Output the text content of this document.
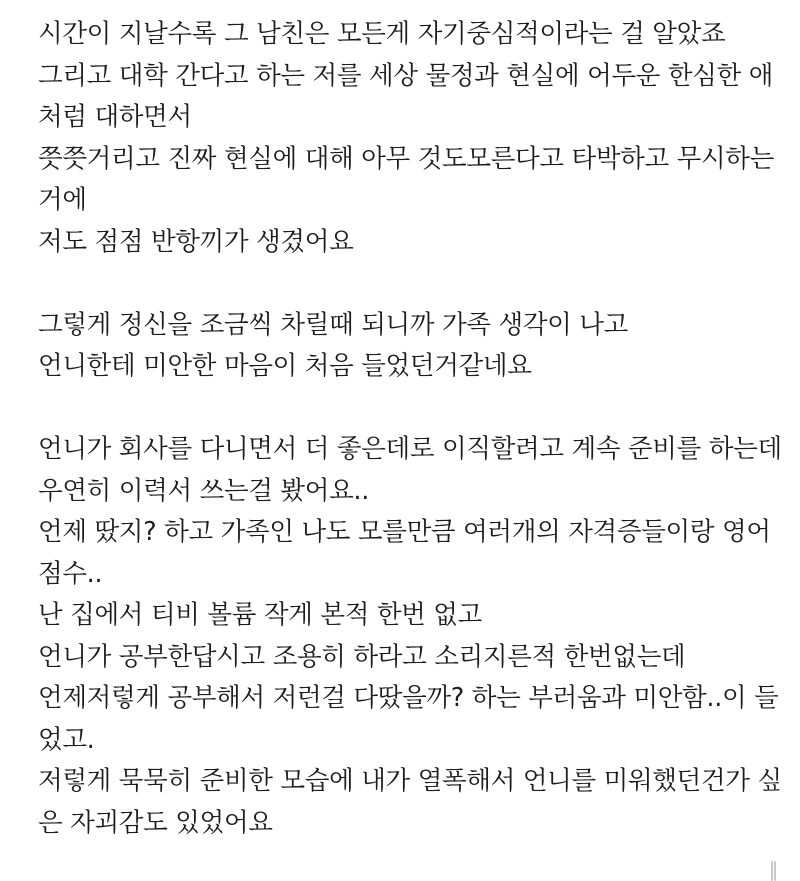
시간이 지날수록 그 남친은 모든게 자기중심적이라는 걸 알았죠
그리고 대학 간다고 하는 저를 세상 물정과 현실에 어두운 한심한 애
처럼 대하면서
쯧쯧거리고 진짜 현실에 대해 아무 것도모른다고 타박하고 무시하는
거에
저도 점점 반항끼가 생겼어요
그렇게 정신을 조금씩 차릴때 되니까 가족 생각이 나고
언니한테 미안한 마음이 처음 들었던거같네요
언니가 회사를 다니면서 더 좋은데로 이직할려고 계속 준비를 하는데
우연히 이력서 쓰는걸 봤어요..
언제 땄지? 하고 가족인 나도 모를만큼 여러개의 자격증들이랑 영어
점수..
난 집에서 티비 볼륨 작게 본적 한번 없고
언니가 공부한답시고 조용히 하라고 소리지른적 한번없는데
언제저렇게 공부해서 저런걸 다땄을까? 하는 부러움과 미안함..이 들
었고.
저렇게 묵묵히 준비한 모습에 내가 열폭해서 언니를 미워했던건가 싶
은 자괴감도 있었어요
